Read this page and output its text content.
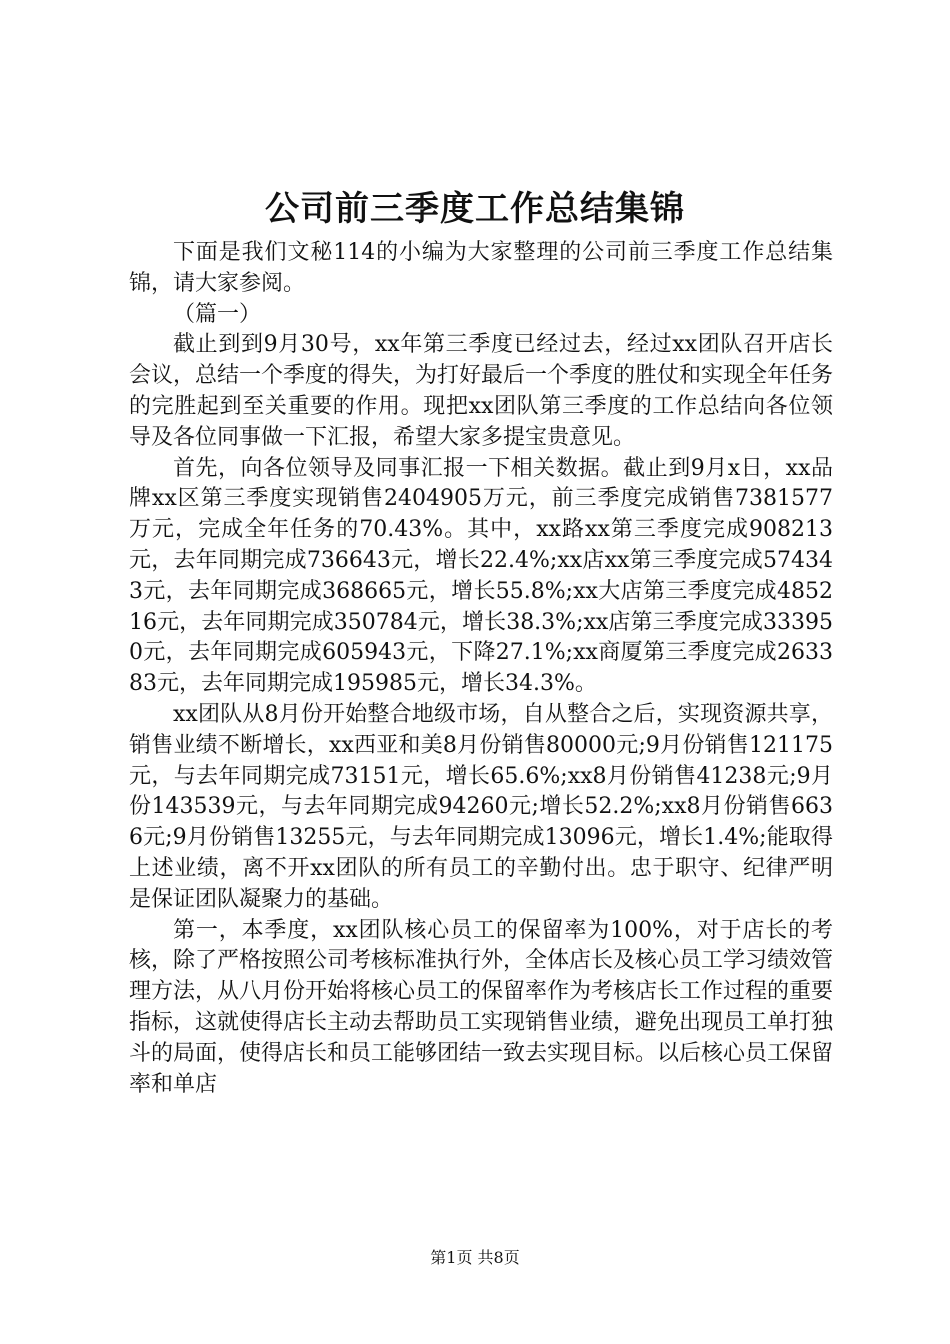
公司前三季度工作总结集锦

下面是我们文秘114的小编为大家整理的公司前三季度工作总结集锦，请大家参阅。

（篇一）

截止到到9月30号，xx年第三季度已经过去，经过xx团队召开店长会议，总结一个季度的得失，为打好最后一个季度的胜仗和实现全年任务的完胜起到至关重要的作用。现把xx团队第三季度的工作总结向各位领导及各位同事做一下汇报，希望大家多提宝贵意见。

首先，向各位领导及同事汇报一下相关数据。截止到9月x日，xx品牌xx区第三季度实现销售2404905万元，前三季度完成销售7381577万元，完成全年任务的70.43%。其中，xx路xx第三季度完成908213元，去年同期完成736643元，增长22.4%;xx店xx第三季度完成574343元，去年同期完成368665元，增长55.8%;xx大店第三季度完成485216元，去年同期完成350784元，增长38.3%;xx店第三季度完成333950元，去年同期完成605943元，下降27.1%;xx商厦第三季度完成263383元，去年同期完成195985元，增长34.3%。

xx团队从8月份开始整合地级市场，自从整合之后，实现资源共享，销售业绩不断增长，xx西亚和美8月份销售80000元;9月份销售121175元，与去年同期完成73151元，增长65.6%;xx8月份销售41238元;9月份143539元，与去年同期完成94260元;增长52.2%;xx8月份销售6636元;9月份销售13255元，与去年同期完成13096元，增长1.4%;能取得上述业绩，离不开xx团队的所有员工的辛勤付出。忠于职守、纪律严明是保证团队凝聚力的基础。

第一，本季度，xx团队核心员工的保留率为100%，对于店长的考核，除了严格按照公司考核标准执行外，全体店长及核心员工学习绩效管理方法，从八月份开始将核心员工的保留率作为考核店长工作过程的重要指标，这就使得店长主动去帮助员工实现销售业绩，避免出现员工单打独斗的局面，使得店长和员工能够团结一致去实现目标。以后核心员工保留率和单店

第1页 共8页
